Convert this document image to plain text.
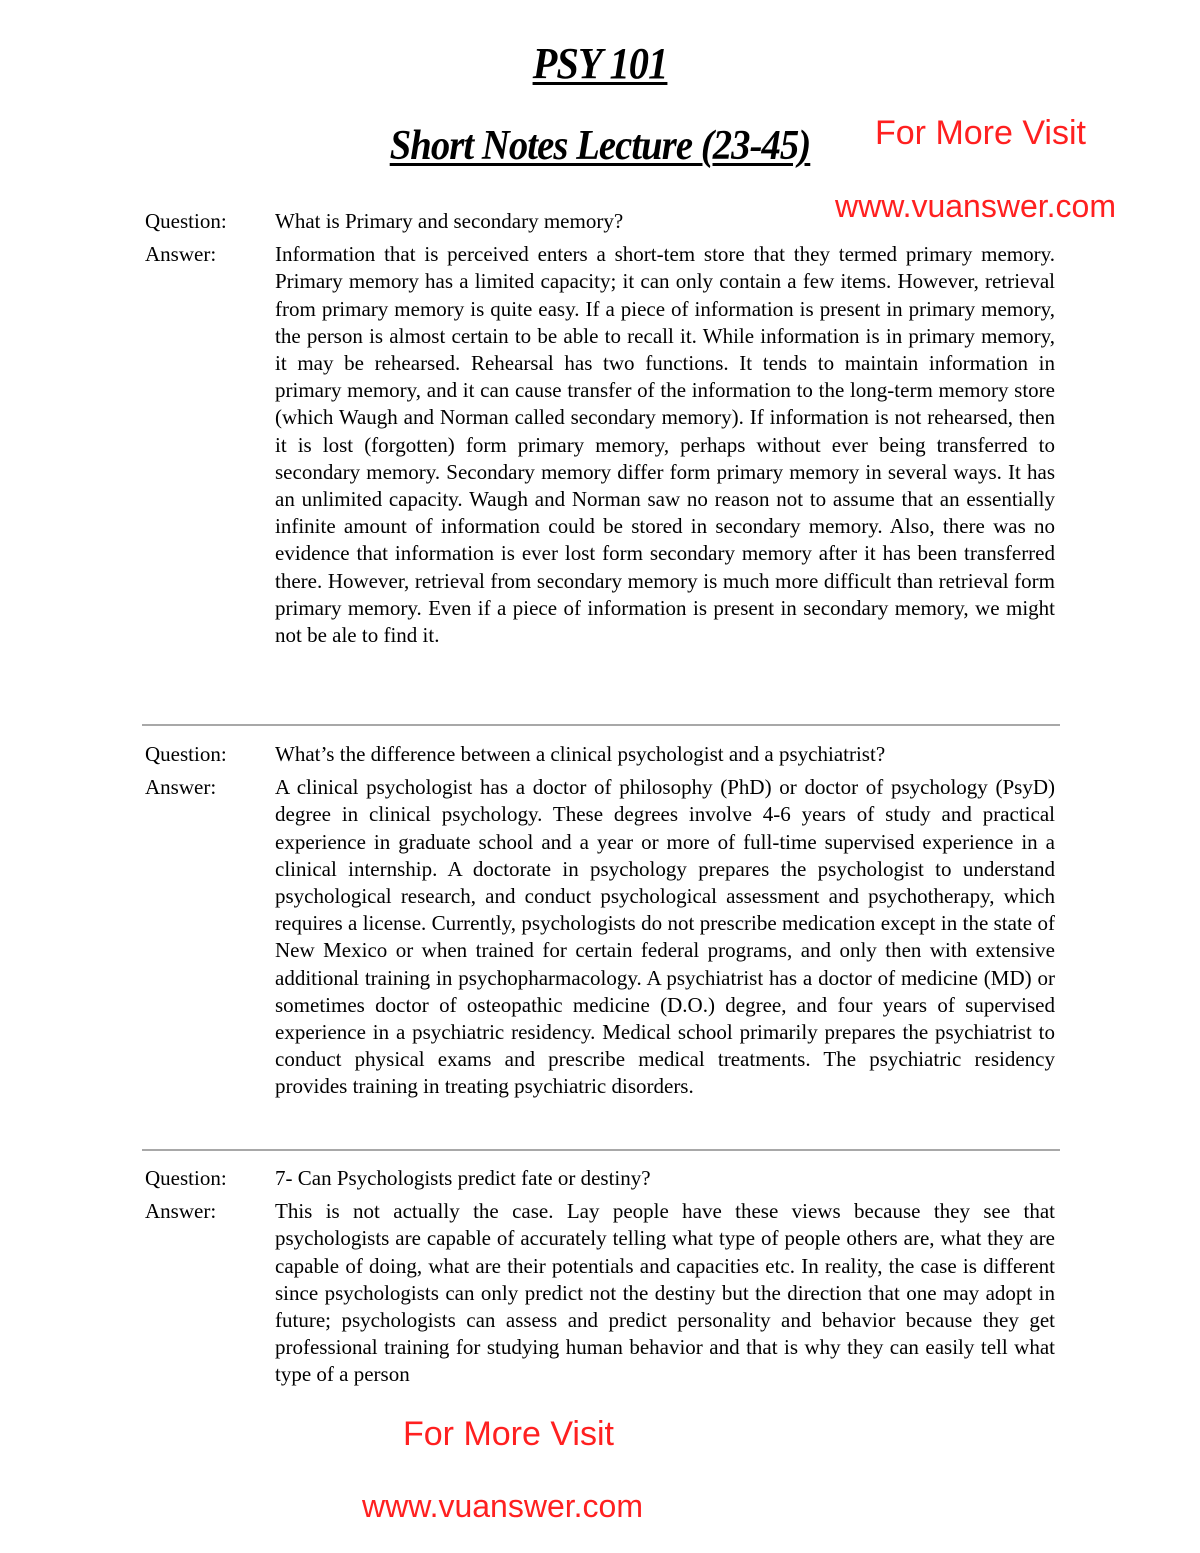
PSY 101
Short Notes Lecture (23-45)	For More Visit
www.vuanswer.com
Question:	What is Primary and secondary memory?
Answer:	Information that is perceived enters a short-tem store that they termed primary memory. Primary memory has a limited capacity; it can only contain a few items. However, retrieval from primary memory is quite easy. If a piece of information is present in primary memory, the person is almost certain to be able to recall it. While information is in primary memory, it may be rehearsed. Rehearsal has two functions. It tends to maintain information in primary memory, and it can cause transfer of the information to the long-term memory store (which Waugh and Norman called secondary memory). If information is not rehearsed, then it is lost (forgotten) form primary memory, perhaps without ever being transferred to secondary memory. Secondary memory differ form primary memory in several ways. It has an unlimited capacity. Waugh and Norman saw no reason not to assume that an essentially infinite amount of information could be stored in secondary memory. Also, there was no evidence that information is ever lost form secondary memory after it has been transferred there. However, retrieval from secondary memory is much more difficult than retrieval form primary memory. Even if a piece of information is present in secondary memory, we might not be ale to find it.
Question:	What’s the difference between a clinical psychologist and a psychiatrist?
Answer:	A clinical psychologist has a doctor of philosophy (PhD) or doctor of psychology (PsyD) degree in clinical psychology. These degrees involve 4-6 years of study and practical experience in graduate school and a year or more of full-time supervised experience in a clinical internship. A doctorate in psychology prepares the psychologist to understand psychological research, and conduct psychological assessment and psychotherapy, which requires a license. Currently, psychologists do not prescribe medication except in the state of New Mexico or when trained for certain federal programs, and only then with extensive additional training in psychopharmacology. A psychiatrist has a doctor of medicine (MD) or sometimes doctor of osteopathic medicine (D.O.) degree, and four years of supervised experience in a psychiatric residency. Medical school primarily prepares the psychiatrist to conduct physical exams and prescribe medical treatments. The psychiatric residency provides training in treating psychiatric disorders.
Question:	7- Can Psychologists predict fate or destiny?
Answer:	This is not actually the case. Lay people have these views because they see that psychologists are capable of accurately telling what type of people others are, what they are capable of doing, what are their potentials and capacities etc. In reality, the case is different since psychologists can only predict not the destiny but the direction that one may adopt in future; psychologists can assess and predict personality and behavior because they get professional training for studying human behavior and that is why they can easily tell what type of a person
For More Visit
www.vuanswer.com
